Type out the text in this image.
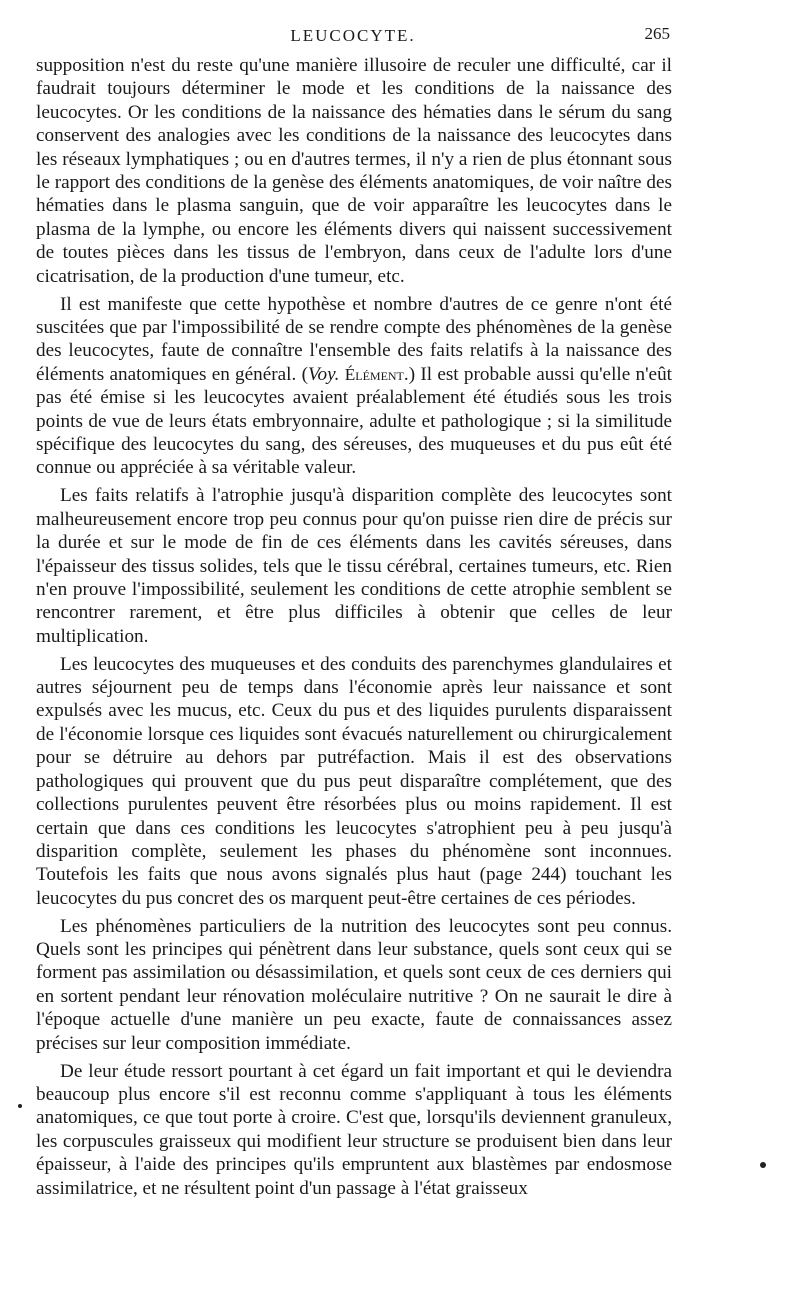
LEUCOCYTE.	265

supposition n'est du reste qu'une manière illusoire de reculer une difficulté, car il faudrait toujours déterminer le mode et les conditions de la naissance des leucocytes. Or les conditions de la naissance des hématies dans le sérum du sang conservent des analogies avec les conditions de la naissance des leucocytes dans les réseaux lymphatiques ; ou en d'autres termes, il n'y a rien de plus étonnant sous le rapport des conditions de la genèse des éléments anatomiques, de voir naître des hématies dans le plasma sanguin, que de voir apparaître les leucocytes dans le plasma de la lymphe, ou encore les éléments divers qui naissent successivement de toutes pièces dans les tissus de l'embryon, dans ceux de l'adulte lors d'une cicatrisation, de la production d'une tumeur, etc.

Il est manifeste que cette hypothèse et nombre d'autres de ce genre n'ont été suscitées que par l'impossibilité de se rendre compte des phénomènes de la genèse des leucocytes, faute de connaître l'ensemble des faits relatifs à la naissance des éléments anatomiques en général. (Voy. Élément.) Il est probable aussi qu'elle n'eût pas été émise si les leucocytes avaient préalablement été étudiés sous les trois points de vue de leurs états embryonnaire, adulte et pathologique ; si la similitude spécifique des leucocytes du sang, des séreuses, des muqueuses et du pus eût été connue ou appréciée à sa véritable valeur.

Les faits relatifs à l'atrophie jusqu'à disparition complète des leucocytes sont malheureusement encore trop peu connus pour qu'on puisse rien dire de précis sur la durée et sur le mode de fin de ces éléments dans les cavités séreuses, dans l'épaisseur des tissus solides, tels que le tissu cérébral, certaines tumeurs, etc. Rien n'en prouve l'impossibilité, seulement les conditions de cette atrophie semblent se rencontrer rarement, et être plus difficiles à obtenir que celles de leur multiplication.

Les leucocytes des muqueuses et des conduits des parenchymes glandulaires et autres séjournent peu de temps dans l'économie après leur naissance et sont expulsés avec les mucus, etc. Ceux du pus et des liquides purulents disparaissent de l'économie lorsque ces liquides sont évacués naturellement ou chirurgicalement pour se détruire au dehors par putréfaction. Mais il est des observations pathologiques qui prouvent que du pus peut disparaître complétement, que des collections purulentes peuvent être résorbées plus ou moins rapidement. Il est certain que dans ces conditions les leucocytes s'atrophient peu à peu jusqu'à disparition complète, seulement les phases du phénomène sont inconnues. Toutefois les faits que nous avons signalés plus haut (page 244) touchant les leucocytes du pus concret des os marquent peut-être certaines de ces périodes.

Les phénomènes particuliers de la nutrition des leucocytes sont peu connus. Quels sont les principes qui pénètrent dans leur substance, quels sont ceux qui se forment pas assimilation ou désassimilation, et quels sont ceux de ces derniers qui en sortent pendant leur rénovation moléculaire nutritive ? On ne saurait le dire à l'époque actuelle d'une manière un peu exacte, faute de connaissances assez précises sur leur composition immédiate.

De leur étude ressort pourtant à cet égard un fait important et qui le deviendra beaucoup plus encore s'il est reconnu comme s'appliquant à tous les éléments anatomiques, ce que tout porte à croire. C'est que, lorsqu'ils deviennent granuleux, les corpuscules graisseux qui modifient leur structure se produisent bien dans leur épaisseur, à l'aide des principes qu'ils empruntent aux blastèmes par endosmose assimilatrice, et ne résultent point d'un passage à l'état graisseux
